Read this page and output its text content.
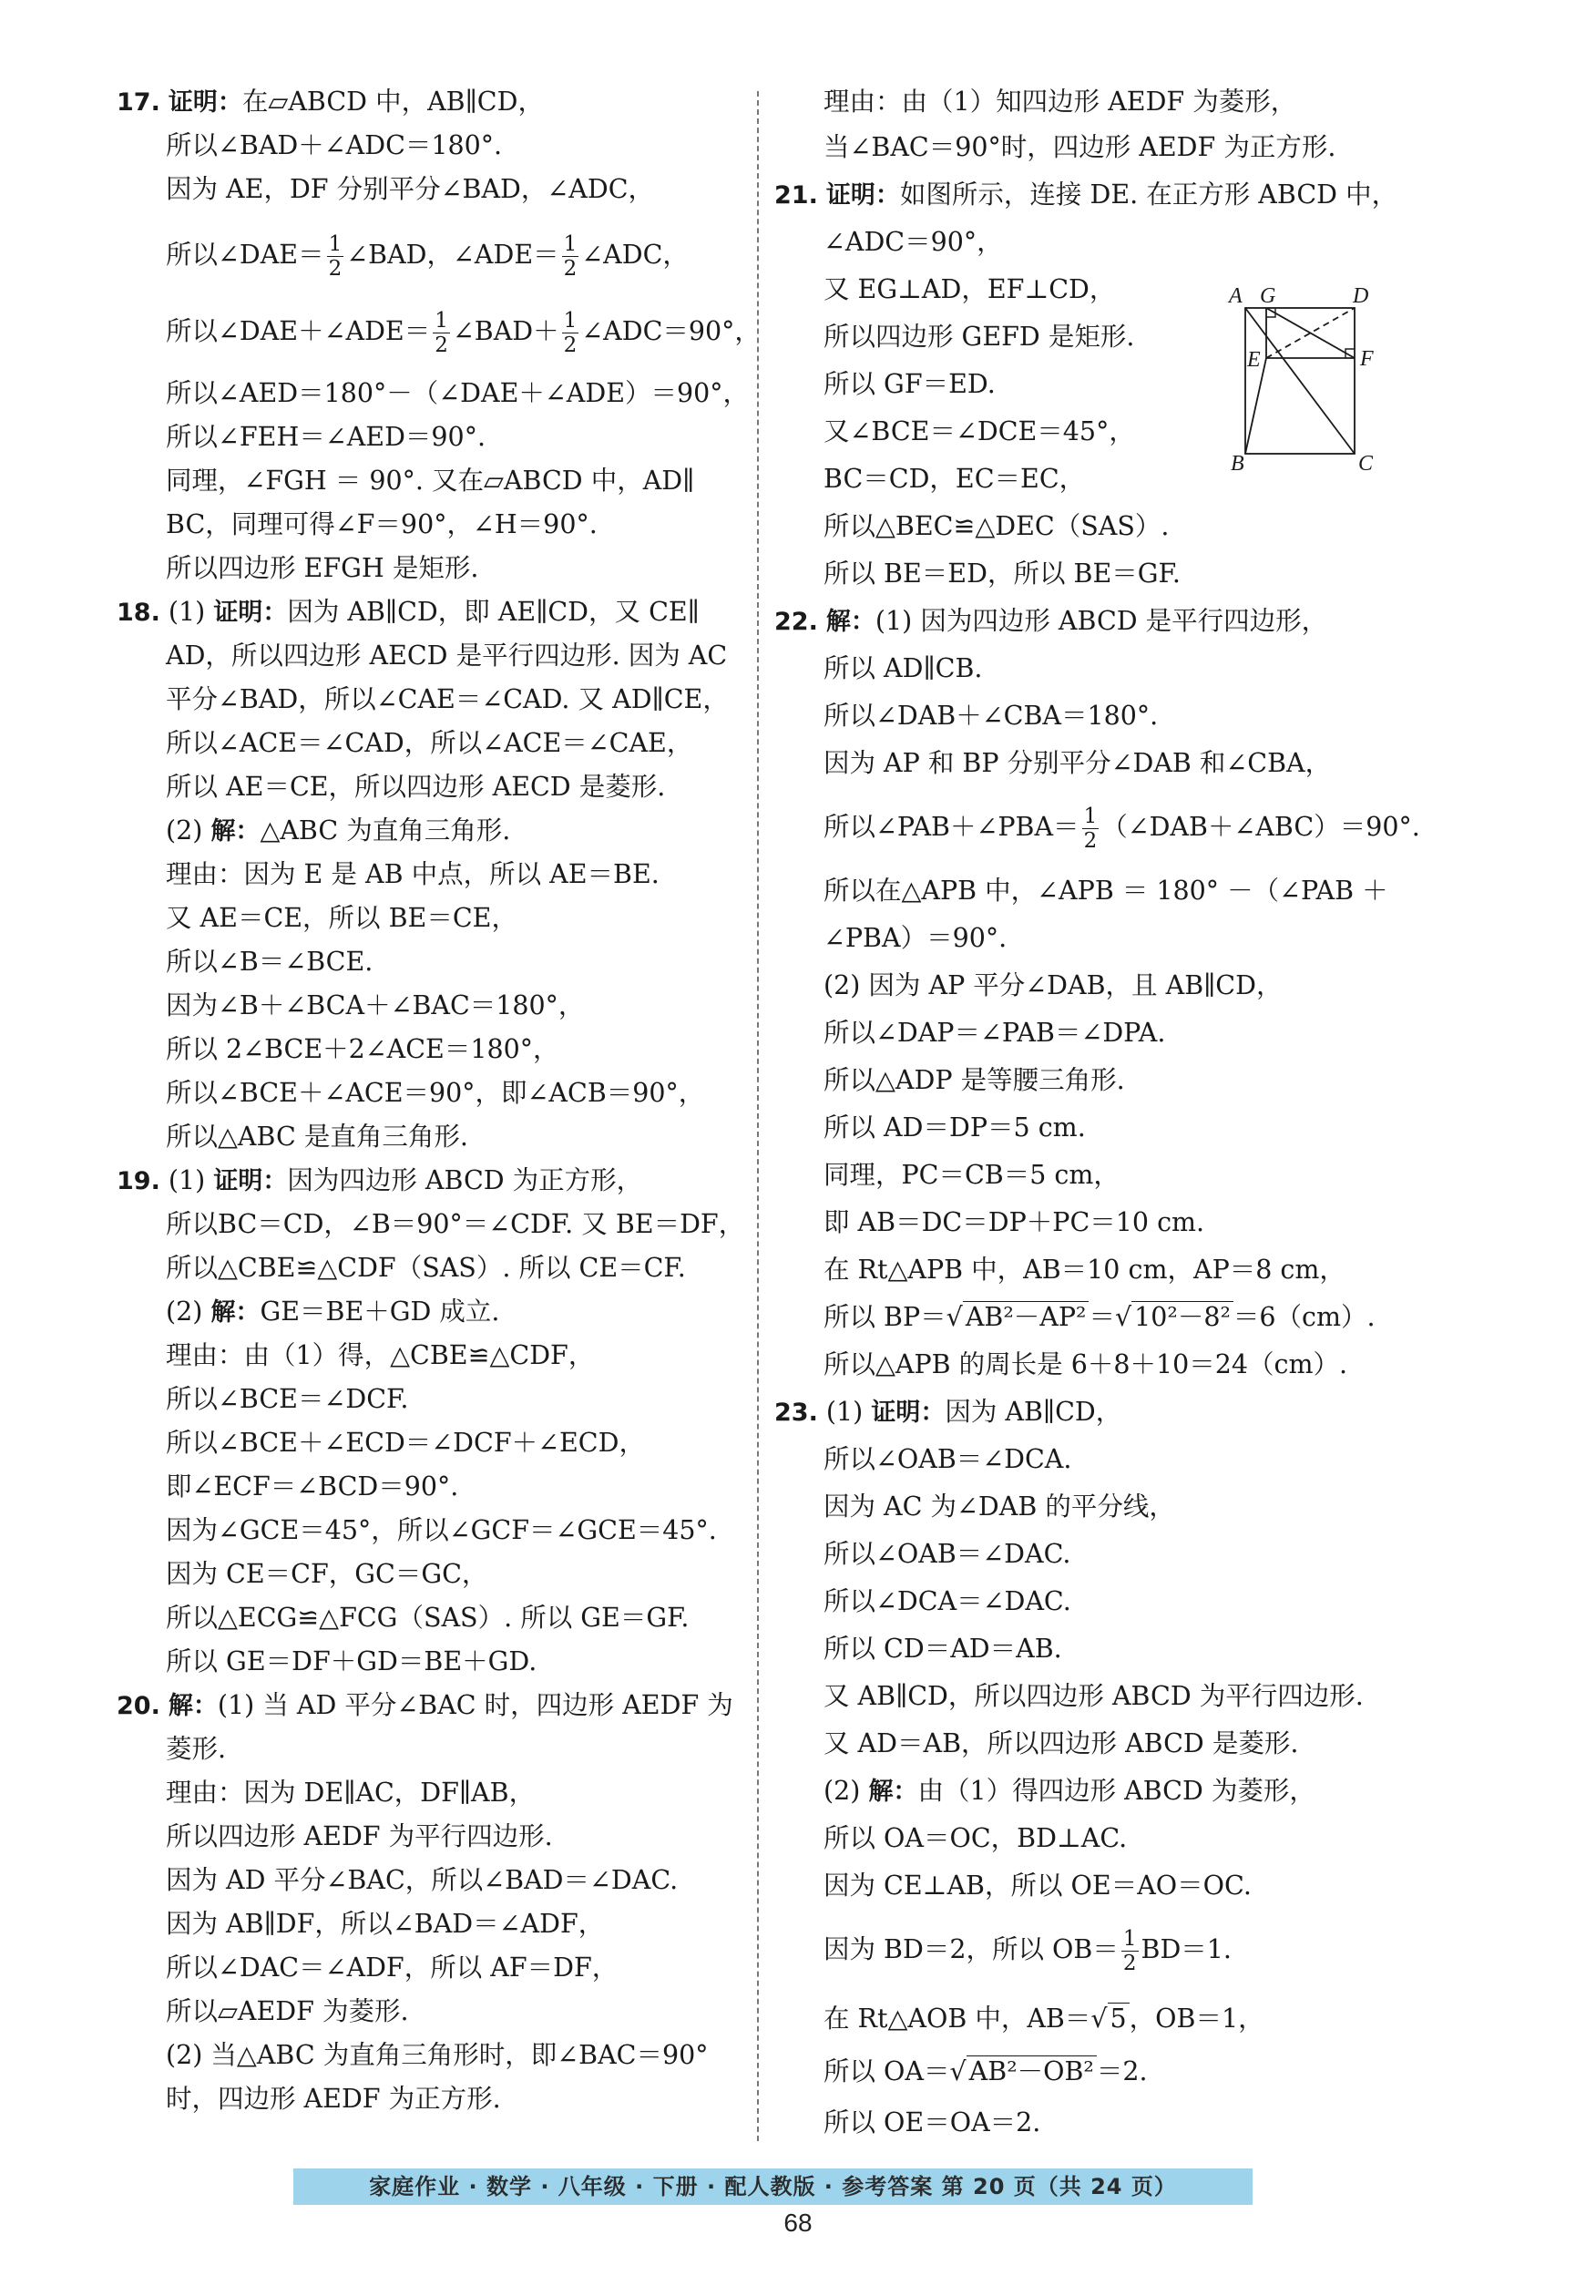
17. 证明：在▱ABCD 中，AB∥CD，
所以∠BAD＋∠ADC＝180°.
因为 AE，DF 分别平分∠BAD，∠ADC，
所以∠DAE＝ $\frac{1}{2}$ ∠BAD，∠ADE＝ $\frac{1}{2}$ ∠ADC，
所以∠DAE＋∠ADE＝ $\frac{1}{2}$ ∠BAD＋ $\frac{1}{2}$ ∠ADC＝90°，
所以∠AED＝180°－（∠DAE＋∠ADE）＝90°，
所以∠FEH＝∠AED＝90°.
同理，∠FGH ＝ 90°. 又在▱ABCD 中，AD∥
BC，同理可得∠F＝90°，∠H＝90°.
所以四边形 EFGH 是矩形.
18. (1) 证明：因为 AB∥CD，即 AE∥CD，又 CE∥
AD，所以四边形 AECD 是平行四边形. 因为 AC
平分∠BAD，所以∠CAE＝∠CAD. 又 AD∥CE，
所以∠ACE＝∠CAD，所以∠ACE＝∠CAE，
所以 AE＝CE，所以四边形 AECD 是菱形.
(2) 解：△ABC 为直角三角形.
理由：因为 E 是 AB 中点，所以 AE＝BE.
又 AE＝CE，所以 BE＝CE，
所以∠B＝∠BCE.
因为∠B＋∠BCA＋∠BAC＝180°，
所以 2∠BCE＋2∠ACE＝180°，
所以∠BCE＋∠ACE＝90°，即∠ACB＝90°，
所以△ABC 是直角三角形.
19. (1) 证明：因为四边形 ABCD 为正方形，
所以BC＝CD，∠B＝90°＝∠CDF. 又 BE＝DF，
所以△CBE≌△CDF（SAS）. 所以 CE＝CF.
(2) 解：GE＝BE＋GD 成立.
理由：由（1）得，△CBE≌△CDF，
所以∠BCE＝∠DCF.
所以∠BCE＋∠ECD＝∠DCF＋∠ECD，
即∠ECF＝∠BCD＝90°.
因为∠GCE＝45°，所以∠GCF＝∠GCE＝45°.
因为 CE＝CF，GC＝GC，
所以△ECG≌△FCG（SAS）. 所以 GE＝GF.
所以 GE＝DF＋GD＝BE＋GD.
20. 解：(1) 当 AD 平分∠BAC 时，四边形 AEDF 为
菱形.
理由：因为 DE∥AC，DF∥AB，
所以四边形 AEDF 为平行四边形.
因为 AD 平分∠BAC，所以∠BAD＝∠DAC.
因为 AB∥DF，所以∠BAD＝∠ADF，
所以∠DAC＝∠ADF，所以 AF＝DF，
所以▱AEDF 为菱形.
(2) 当△ABC 为直角三角形时，即∠BAC＝90°
时，四边形 AEDF 为正方形.
理由：由（1）知四边形 AEDF 为菱形，
当∠BAC＝90°时，四边形 AEDF 为正方形.
21. 证明：如图所示，连接 DE. 在正方形 ABCD 中，
∠ADC＝90°，
又 EG⊥AD，EF⊥CD，
所以四边形 GEFD 是矩形.
所以 GF＝ED.
又∠BCE＝∠DCE＝45°，
BC＝CD，EC＝EC，
所以△BEC≌△DEC（SAS）.
所以 BE＝ED，所以 BE＝GF.
22. 解：(1) 因为四边形 ABCD 是平行四边形，
所以 AD∥CB.
所以∠DAB＋∠CBA＝180°.
因为 AP 和 BP 分别平分∠DAB 和∠CBA，
所以∠PAB＋∠PBA＝ $\frac{1}{2}$ （∠DAB＋∠ABC）＝90°.
所以在△APB 中，∠APB ＝ 180° －（∠PAB ＋
∠PBA）＝90°.
(2) 因为 AP 平分∠DAB，且 AB∥CD，
所以∠DAP＝∠PAB＝∠DPA.
所以△ADP 是等腰三角形.
所以 AD＝DP＝5 cm.
同理，PC＝CB＝5 cm，
即 AB＝DC＝DP＋PC＝10 cm.
在 Rt△APB 中，AB＝10 cm，AP＝8 cm，
所以 BP＝√ AB²－AP² ＝√ 10²－8² ＝6（cm）.
所以△APB 的周长是 6＋8＋10＝24（cm）.
23. (1) 证明：因为 AB∥CD，
所以∠OAB＝∠DCA.
因为 AC 为∠DAB 的平分线，
所以∠OAB＝∠DAC.
所以∠DCA＝∠DAC.
所以 CD＝AD＝AB.
又 AB∥CD，所以四边形 ABCD 为平行四边形.
又 AD＝AB，所以四边形 ABCD 是菱形.
(2) 解：由（1）得四边形 ABCD 为菱形，
所以 OA＝OC，BD⊥AC.
因为 CE⊥AB，所以 OE＝AO＝OC.
因为 BD＝2，所以 $OB= \frac{1}{2} BD=1$.
在 Rt△AOB 中，AB＝√ 5 ，OB＝1，
所以 OA＝√ AB²－OB² ＝2.
所以 OE＝OA＝2.
A G	D
E	F
B	C
家庭作业 · 数学 · 八年级 · 下册 · 配人教版 · 参考答案 第 20 页（共 24 页）
68
